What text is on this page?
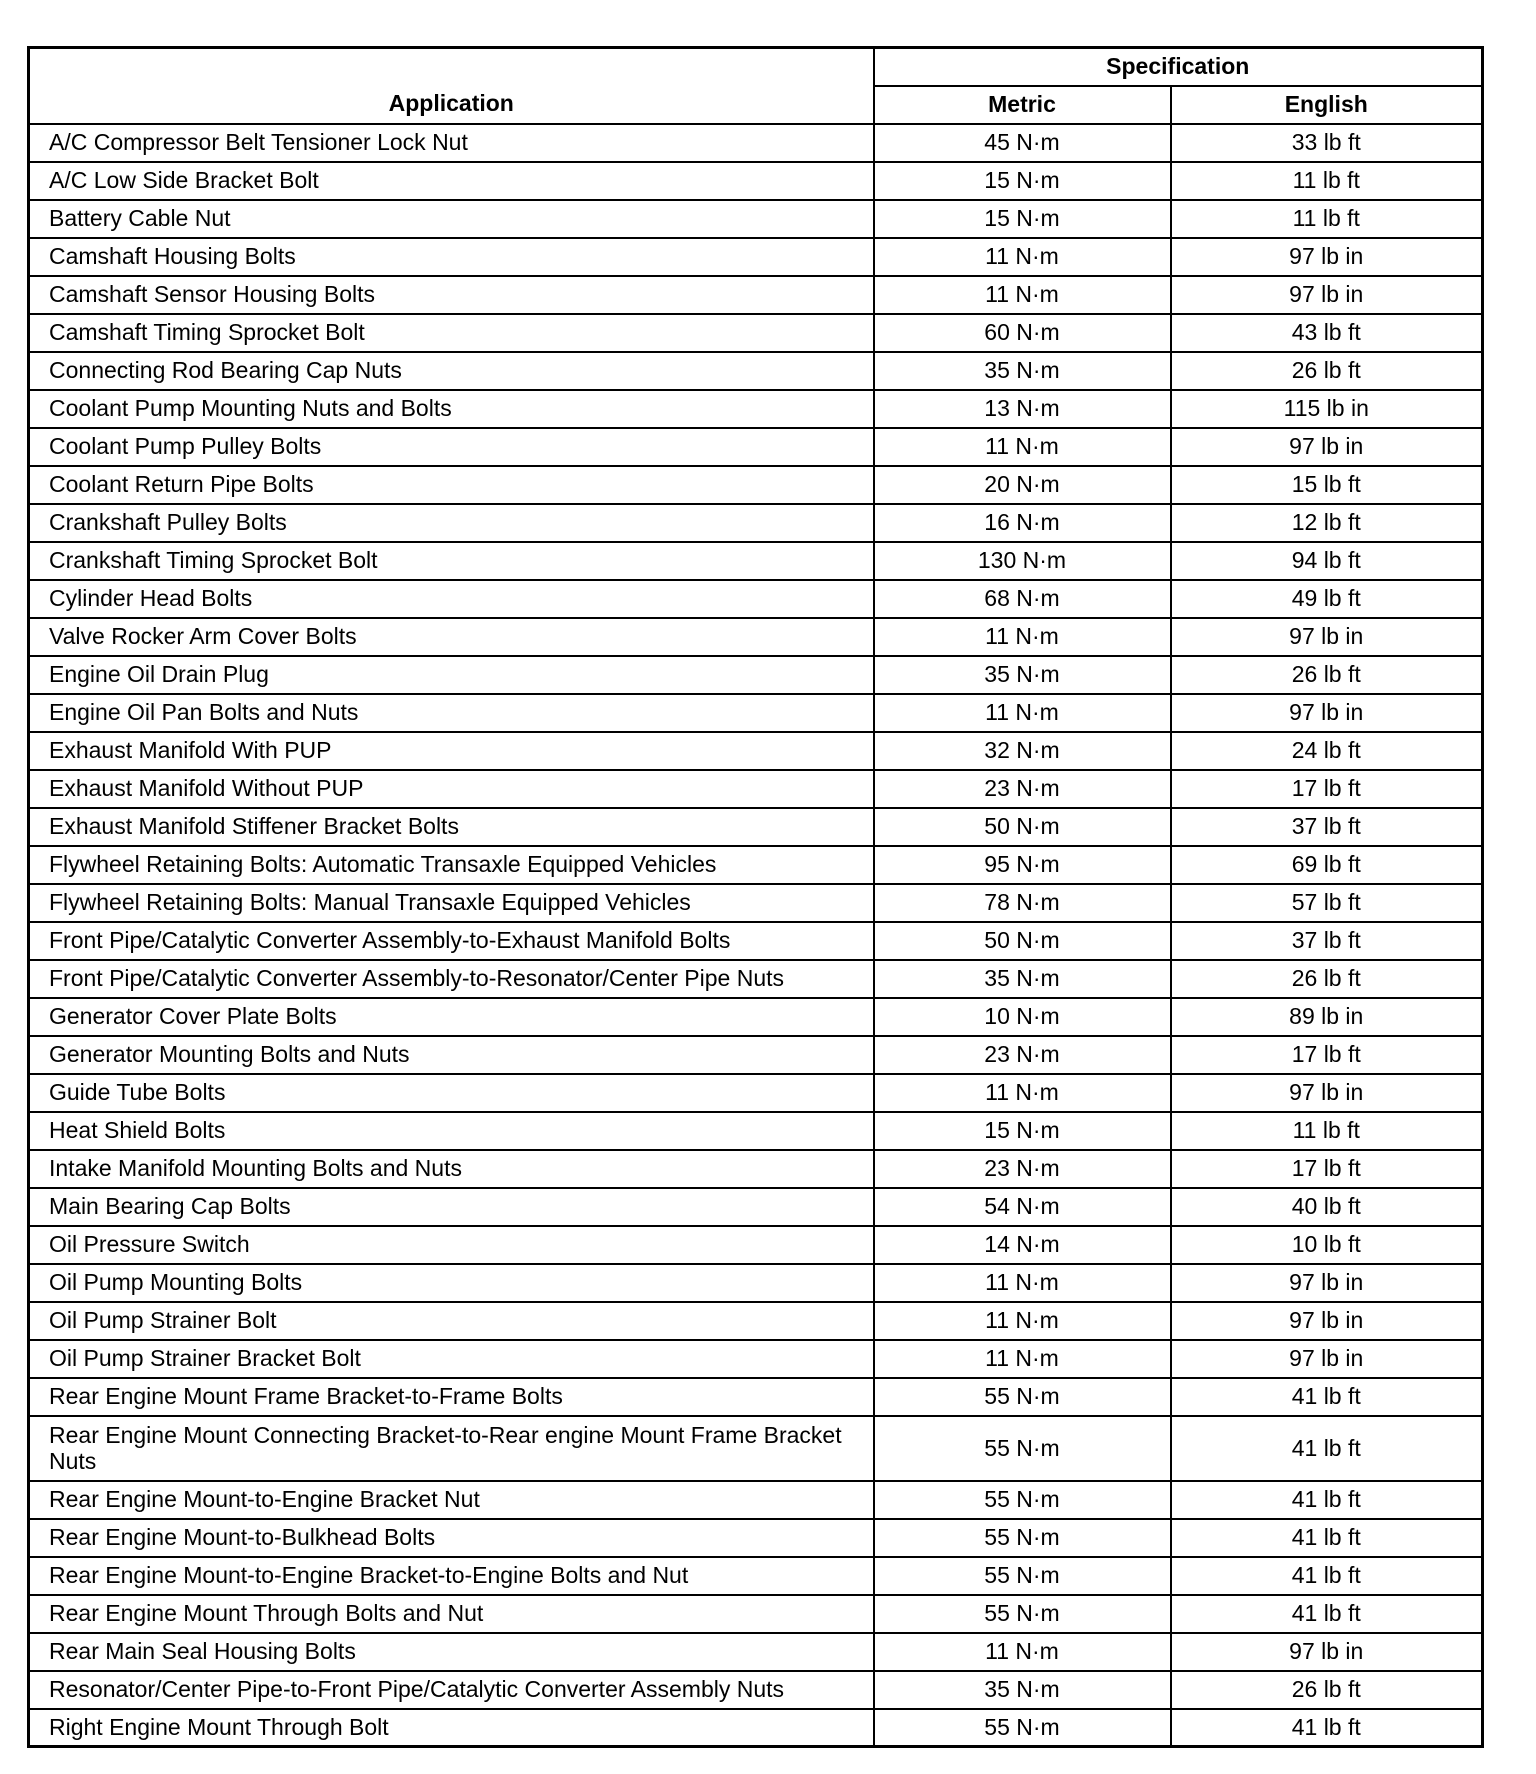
Application	Specification	
	Metric	English
A/C Compressor Belt Tensioner Lock Nut	45 N·m	33 lb ft
A/C Low Side Bracket Bolt	15 N·m	11 lb ft
Battery Cable Nut	15 N·m	11 lb ft
Camshaft Housing Bolts	11 N·m	97 lb in
Camshaft Sensor Housing Bolts	11 N·m	97 lb in
Camshaft Timing Sprocket Bolt	60 N·m	43 lb ft
Connecting Rod Bearing Cap Nuts	35 N·m	26 lb ft
Coolant Pump Mounting Nuts and Bolts	13 N·m	115 lb in
Coolant Pump Pulley Bolts	11 N·m	97 lb in
Coolant Return Pipe Bolts	20 N·m	15 lb ft
Crankshaft Pulley Bolts	16 N·m	12 lb ft
Crankshaft Timing Sprocket Bolt	130 N·m	94 lb ft
Cylinder Head Bolts	68 N·m	49 lb ft
Valve Rocker Arm Cover Bolts	11 N·m	97 lb in
Engine Oil Drain Plug	35 N·m	26 lb ft
Engine Oil Pan Bolts and Nuts	11 N·m	97 lb in
Exhaust Manifold With PUP	32 N·m	24 lb ft
Exhaust Manifold Without PUP	23 N·m	17 lb ft
Exhaust Manifold Stiffener Bracket Bolts	50 N·m	37 lb ft
Flywheel Retaining Bolts: Automatic Transaxle Equipped Vehicles	95 N·m	69 lb ft
Flywheel Retaining Bolts: Manual Transaxle Equipped Vehicles	78 N·m	57 lb ft
Front Pipe/Catalytic Converter Assembly-to-Exhaust Manifold Bolts	50 N·m	37 lb ft
Front Pipe/Catalytic Converter Assembly-to-Resonator/Center Pipe Nuts	35 N·m	26 lb ft
Generator Cover Plate Bolts	10 N·m	89 lb in
Generator Mounting Bolts and Nuts	23 N·m	17 lb ft
Guide Tube Bolts	11 N·m	97 lb in
Heat Shield Bolts	15 N·m	11 lb ft
Intake Manifold Mounting Bolts and Nuts	23 N·m	17 lb ft
Main Bearing Cap Bolts	54 N·m	40 lb ft
Oil Pressure Switch	14 N·m	10 lb ft
Oil Pump Mounting Bolts	11 N·m	97 lb in
Oil Pump Strainer Bolt	11 N·m	97 lb in
Oil Pump Strainer Bracket Bolt	11 N·m	97 lb in
Rear Engine Mount Frame Bracket-to-Frame Bolts	55 N·m	41 lb ft
Rear Engine Mount Connecting Bracket-to-Rear engine Mount Frame Bracket Nuts	55 N·m	41 lb ft
Rear Engine Mount-to-Engine Bracket Nut	55 N·m	41 lb ft
Rear Engine Mount-to-Bulkhead Bolts	55 N·m	41 lb ft
Rear Engine Mount-to-Engine Bracket-to-Engine Bolts and Nut	55 N·m	41 lb ft
Rear Engine Mount Through Bolts and Nut	55 N·m	41 lb ft
Rear Main Seal Housing Bolts	11 N·m	97 lb in
Resonator/Center Pipe-to-Front Pipe/Catalytic Converter Assembly Nuts	35 N·m	26 lb ft
Right Engine Mount Through Bolt	55 N·m	41 lb ft
